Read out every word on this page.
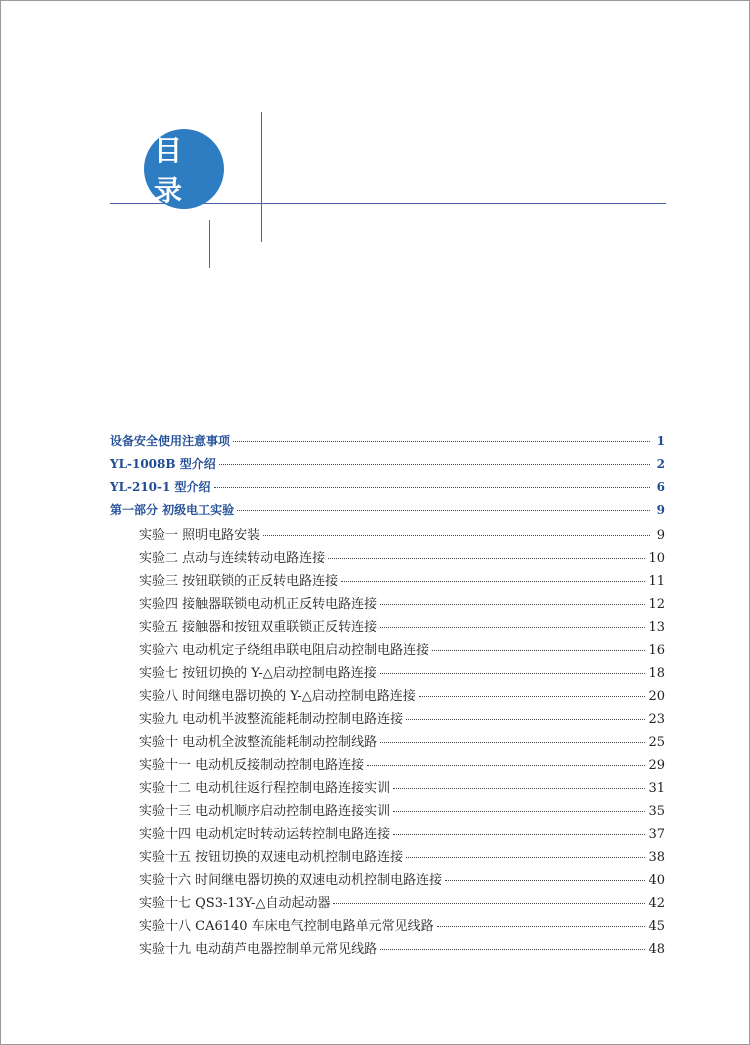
目 录
设备安全使用注意事项	1
YL-1008B 型介绍	2
YL-210-1 型介绍	6
第一部分 初级电工实验	9
实验一 照明电路安装	9
实验二 点动与连续转动电路连接	10
实验三 按钮联锁的正反转电路连接	11
实验四 接触器联锁电动机正反转电路连接	12
实验五 接触器和按钮双重联锁正反转连接	13
实验六 电动机定子绕组串联电阻启动控制电路连接	16
实验七 按钮切换的 Y-△启动控制电路连接	18
实验八 时间继电器切换的 Y-△启动控制电路连接	20
实验九 电动机半波整流能耗制动控制电路连接	23
实验十 电动机全波整流能耗制动控制线路	25
实验十一 电动机反接制动控制电路连接	29
实验十二 电动机往返行程控制电路连接实训	31
实验十三 电动机顺序启动控制电路连接实训	35
实验十四 电动机定时转动运转控制电路连接	37
实验十五 按钮切换的双速电动机控制电路连接	38
实验十六 时间继电器切换的双速电动机控制电路连接	40
实验十七 QS3-13Y-△自动起动器	42
实验十八 CA6140 车床电气控制电路单元常见线路	45
实验十九 电动葫芦电器控制单元常见线路	48
